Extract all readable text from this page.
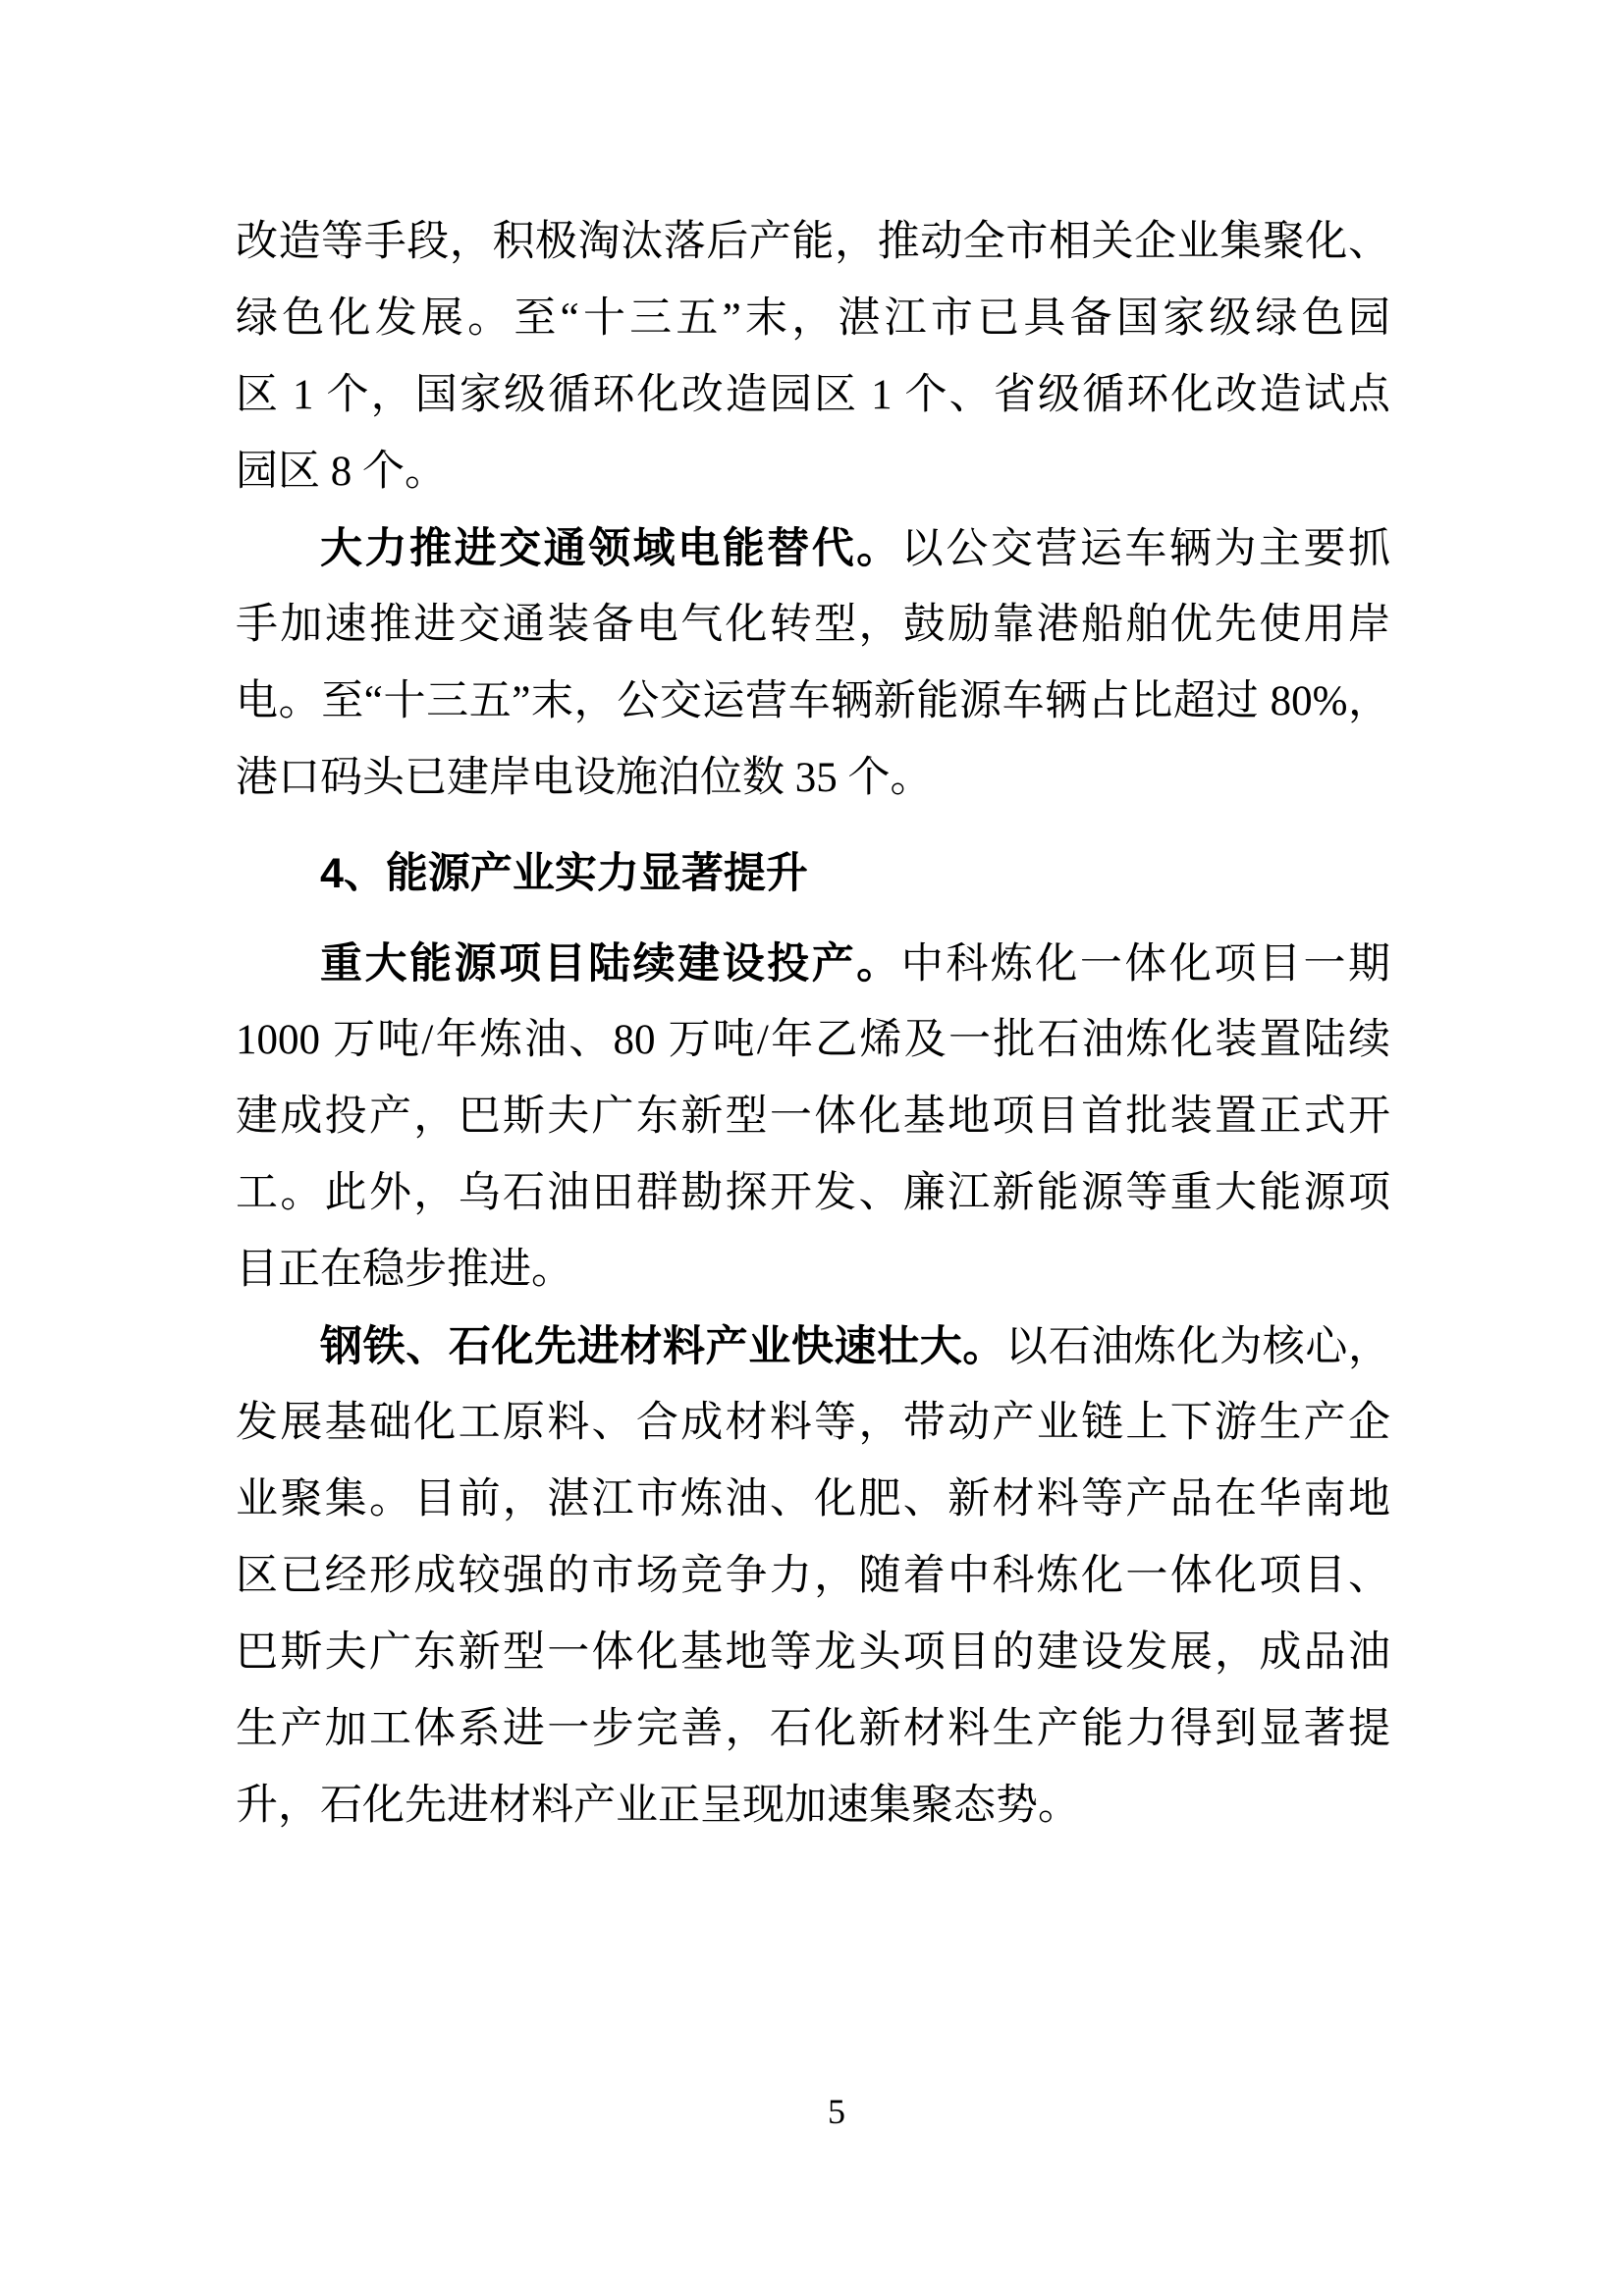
改造等手段，积极淘汰落后产能，推动全市相关企业集聚化、
绿色化发展。至“十三五”末，湛江市已具备国家级绿色园
区 1 个，国家级循环化改造园区 1 个、省级循环化改造试点
园区 8 个。
大力推进交通领域电能替代。以公交营运车辆为主要抓
手加速推进交通装备电气化转型，鼓励靠港船舶优先使用岸
电。至“十三五”末，公交运营车辆新能源车辆占比超过 80%，
港口码头已建岸电设施泊位数 35 个。
4、能源产业实力显著提升
重大能源项目陆续建设投产。中科炼化一体化项目一期
1000 万吨/年炼油、80 万吨/年乙烯及一批石油炼化装置陆续
建成投产，巴斯夫广东新型一体化基地项目首批装置正式开
工。此外，乌石油田群勘探开发、廉江新能源等重大能源项
目正在稳步推进。
钢铁、石化先进材料产业快速壮大。以石油炼化为核心，
发展基础化工原料、合成材料等，带动产业链上下游生产企
业聚集。目前，湛江市炼油、化肥、新材料等产品在华南地
区已经形成较强的市场竞争力，随着中科炼化一体化项目、
巴斯夫广东新型一体化基地等龙头项目的建设发展，成品油
生产加工体系进一步完善，石化新材料生产能力得到显著提
升，石化先进材料产业正呈现加速集聚态势。
5
